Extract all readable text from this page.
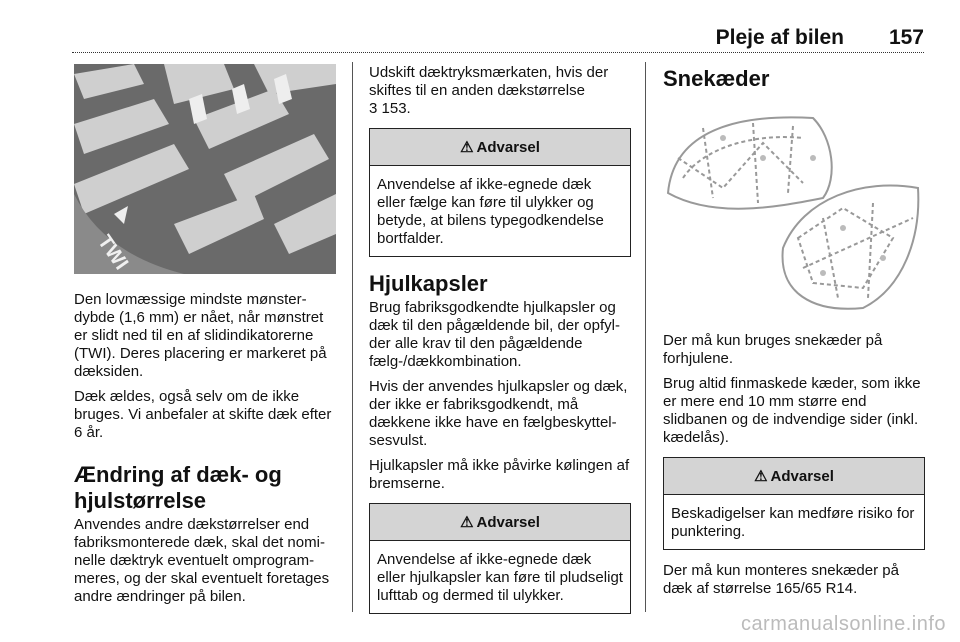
Pleje af bilen 157
TWI

Den lovmæssige mindste mønsterdybde (1,6 mm) er nået, når mønstret er slidt ned til en af slidindikatorerne (TWI). Deres placering er markeret på dæksiden.

Dæk ældes, også selv om de ikke bruges. Vi anbefaler at skifte dæk efter 6 år.

Ændring af dæk- og hjulstørrelse

Anvendes andre dækstørrelser end fabriksmonterede dæk, skal det nominelle dæktryk eventuelt omprogrammeres, og der skal eventuelt foretages andre ændringer på bilen.

Udskift dæktryksmærkaten, hvis der skiftes til en anden dækstørrelse

3 153.

⚠ Advarsel
Anvendelse af ikke-egnede dæk eller fælge kan føre til ulykker og betyde, at bilens typegodkendelse bortfalder.
Hjulkapsler

Brug fabriksgodkendte hjulkapsler og dæk til den pågældende bil, der opfylder alle krav til den pågældende fælg-/dækkombination.

Hvis der anvendes hjulkapsler og dæk, der ikke er fabriksgodkendt, må dækkene ikke have en fælgbeskyttelsesvulst.

Hjulkapsler må ikke påvirke kølingen af bremserne.

⚠ Advarsel
Anvendelse af ikke-egnede dæk eller hjulkapsler kan føre til pludseligt lufttab og dermed til ulykker.
Snekæder

Der må kun bruges snekæder på forhjulene.

Brug altid finmaskede kæder, som ikke er mere end 10 mm større end slidbanen og de indvendige sider (inkl. kædelås).

⚠ Advarsel
Beskadigelser kan medføre risiko for punktering.

Der må kun monteres snekæder på dæk af størrelse 165/65 R14.

carmanualsonline.info
